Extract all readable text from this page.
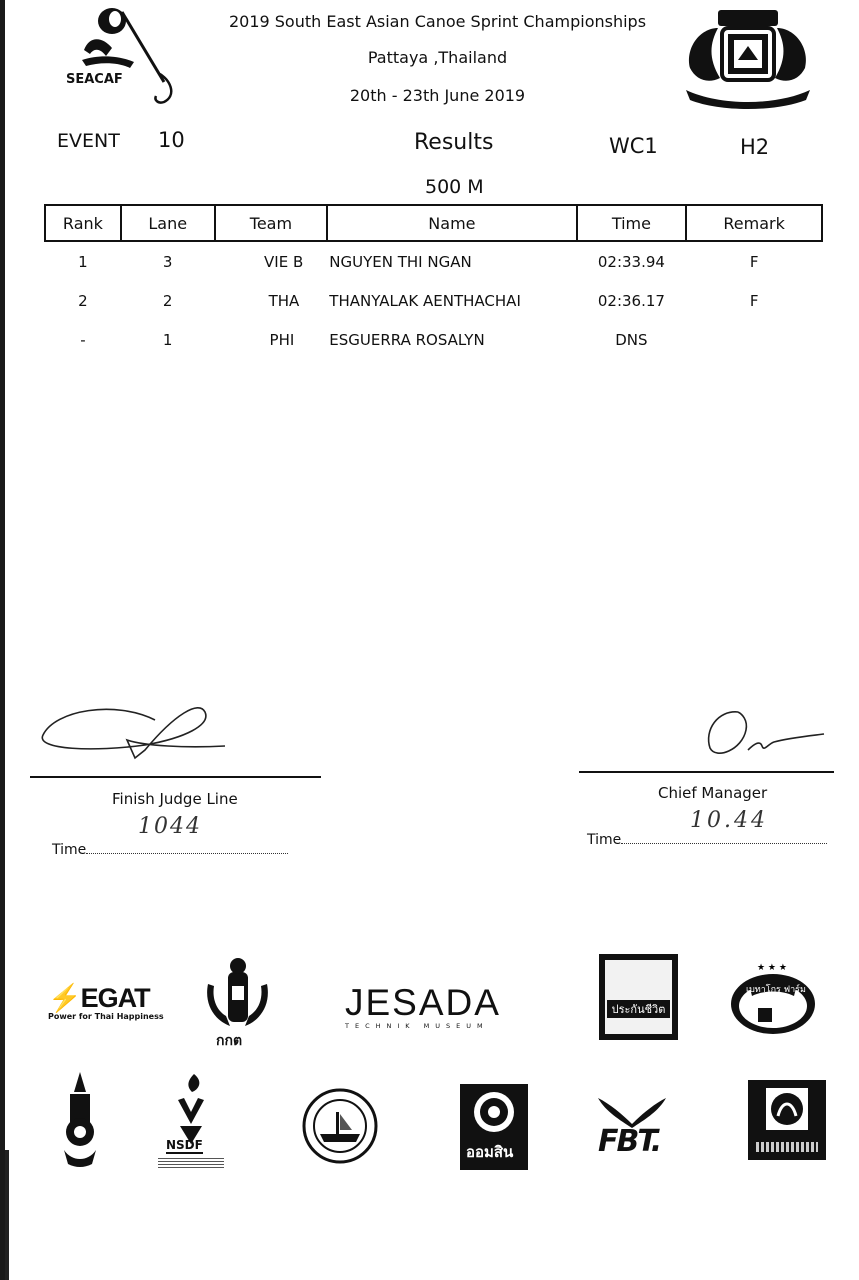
SEACAF
2019 South East Asian Canoe Sprint Championships
Pattaya ,Thailand
20th - 23th June 2019
EVENT 10	Results	WC1	H2
500 M
Rank	Lane	Team	Name	Time	Remark
1	3	VIE B	NGUYEN THI NGAN	02:33.94	F
2	2	THA	THANYALAK AENTHACHAI	02:36.17	F
-	1	PHI	ESGUERRA ROSALYN	DNS	
Finish Judge Line
Time
1044
Chief Manager
Time
10.44
⚡EGAT
Power for Thai Happiness
กกต
JESADA
TECHNIK MUSEUM
ประกันชีวิต
★ ★ ★
เบทาโกร ฟาร์ม
NSDF	ออมสิน	FBT.
